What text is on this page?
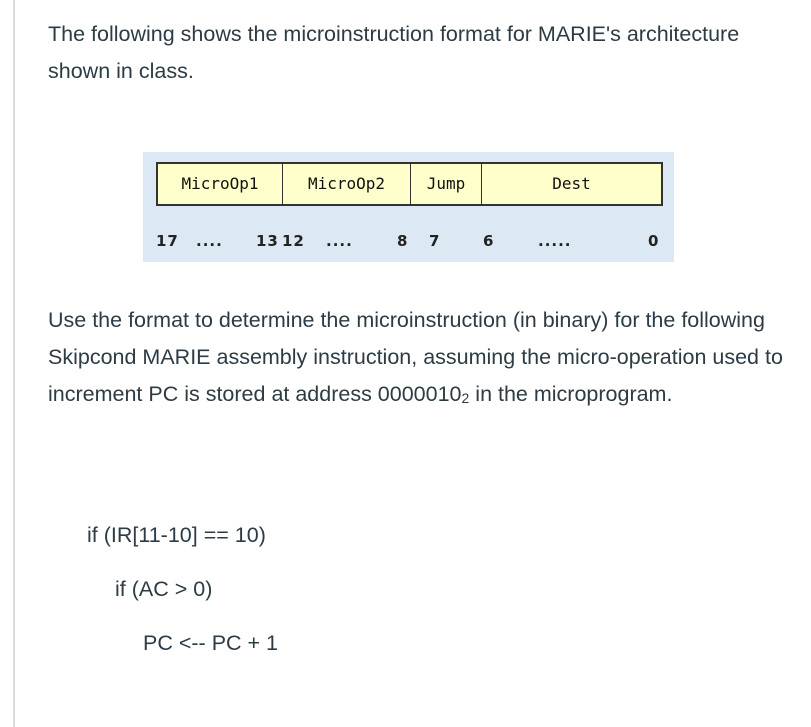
The following shows the microinstruction format for MARIE's architecture shown in class.

MicroOp1	MicroOp2	Jump	Dest
17 .... 13 12 ....	8 7	6	.....	0

Use the format to determine the microinstruction (in binary) for the following Skipcond MARIE assembly instruction, assuming the micro-operation used to increment PC is stored at address $0000010_2$ in the microprogram.

if (IR[11-10] == 10)

if (AC > 0)

PC <-- PC + 1
